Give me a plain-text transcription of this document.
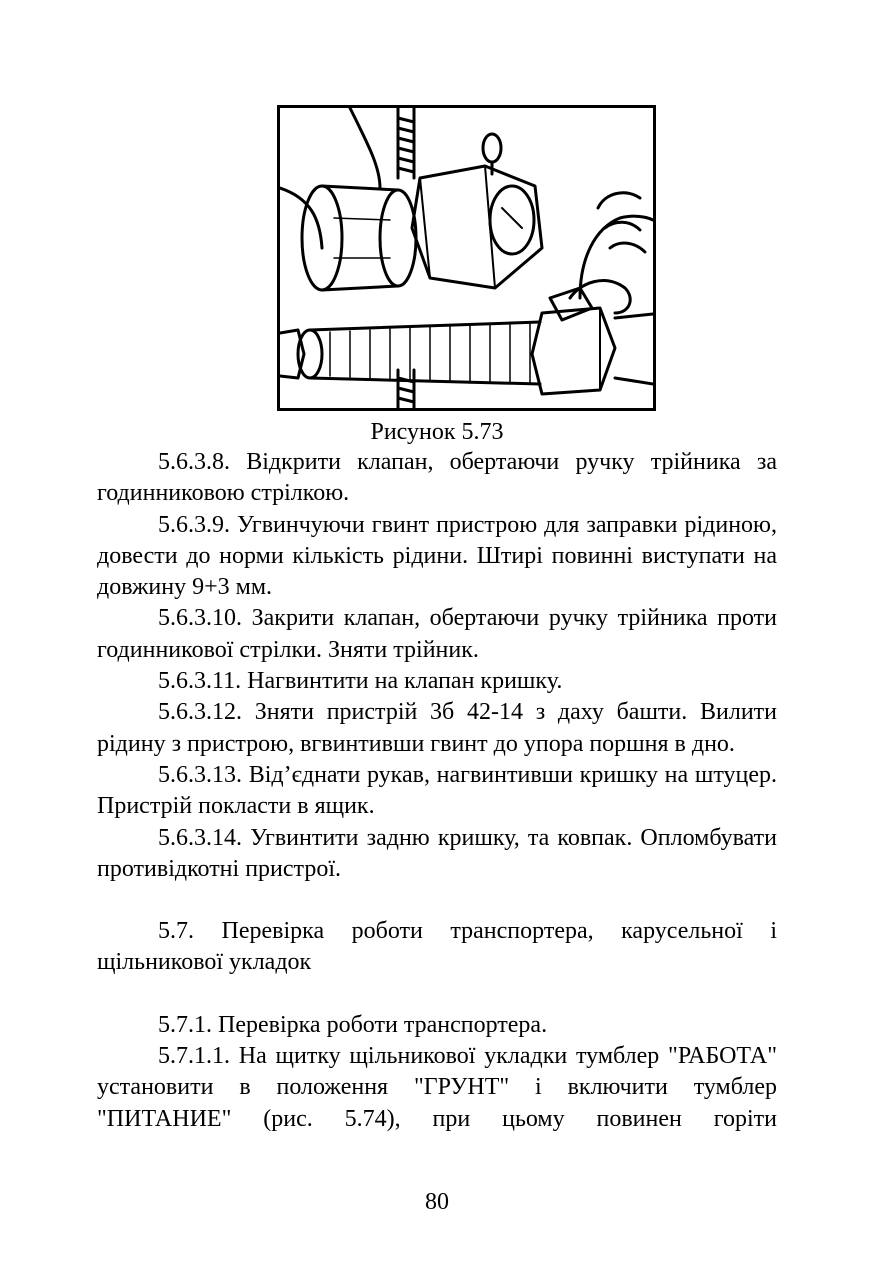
Рисунок 5.73

5.6.3.8. Відкрити клапан, обертаючи ручку трійника за годинниковою стрілкою.

5.6.3.9. Угвинчуючи гвинт пристрою для заправки рідиною, довести до норми кількість рідини. Штирі повинні виступати на довжину 9+3 мм.

5.6.3.10. Закрити клапан, обертаючи ручку трійника проти годинникової стрілки. Зняти трійник.

5.6.3.11. Нагвинтити на клапан кришку.

5.6.3.12. Зняти пристрій 3б 42-14 з даху башти. Вилити рідину з пристрою, вгвинтивши гвинт до упора поршня в дно.

5.6.3.13. Від’єднати рукав, нагвинтивши кришку на штуцер. Пристрій покласти в ящик.

5.6.3.14. Угвинтити задню кришку, та ковпак. Опломбувати противідкотні пристрої.

5.7. Перевірка роботи транспортера, карусельної і щільникової укладок

5.7.1. Перевірка роботи транспортера.

5.7.1.1. На щитку щільникової укладки тумблер "РАБОТА" установити в положення "ГРУНТ" і включити тумблер "ПИТАНИЕ" (рис. 5.74), при цьому повинен горіти

80
